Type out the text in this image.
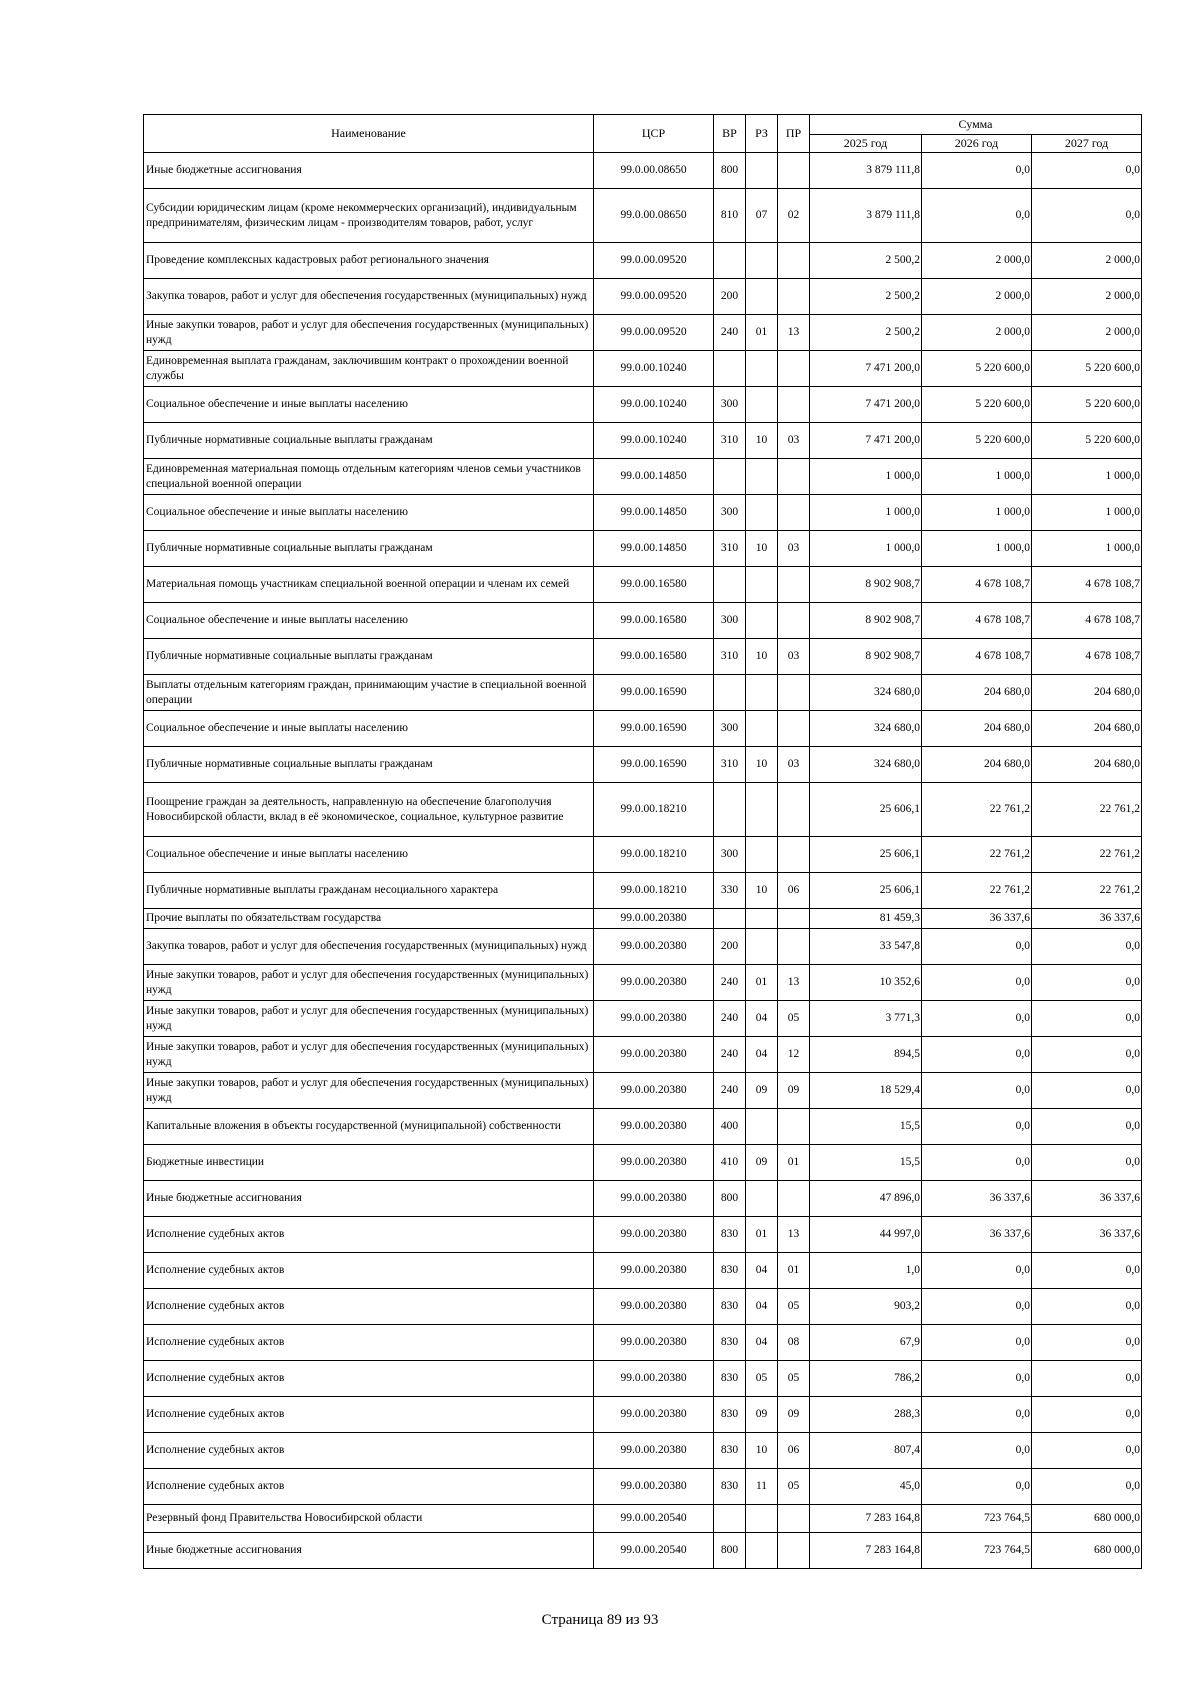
Наименование	ЦСР	ВР	РЗ	ПР	Сумма		
					2025 год	2026 год	2027 год
Иные бюджетные ассигнования	99.0.00.08650	800			3 879 111,8	0,0	0,0
Субсидии юридическим лицам (кроме некоммерческих организаций), индивидуальным предпринимателям, физическим лицам - производителям товаров, работ, услуг	99.0.00.08650	810	07	02	3 879 111,8	0,0	0,0
Проведение комплексных кадастровых работ регионального значения	99.0.00.09520				2 500,2	2 000,0	2 000,0
Закупка товаров, работ и услуг для обеспечения государственных (муниципальных) нужд	99.0.00.09520	200			2 500,2	2 000,0	2 000,0
Иные закупки товаров, работ и услуг для обеспечения государственных (муниципальных) нужд	99.0.00.09520	240	01	13	2 500,2	2 000,0	2 000,0
Единовременная выплата гражданам, заключившим контракт о прохождении военной службы	99.0.00.10240				7 471 200,0	5 220 600,0	5 220 600,0
Социальное обеспечение и иные выплаты населению	99.0.00.10240	300			7 471 200,0	5 220 600,0	5 220 600,0
Публичные нормативные социальные выплаты гражданам	99.0.00.10240	310	10	03	7 471 200,0	5 220 600,0	5 220 600,0
Единовременная материальная помощь отдельным категориям членов семьи участников специальной военной операции	99.0.00.14850				1 000,0	1 000,0	1 000,0
Социальное обеспечение и иные выплаты населению	99.0.00.14850	300			1 000,0	1 000,0	1 000,0
Публичные нормативные социальные выплаты гражданам	99.0.00.14850	310	10	03	1 000,0	1 000,0	1 000,0
Материальная помощь участникам специальной военной операции и членам их семей	99.0.00.16580				8 902 908,7	4 678 108,7	4 678 108,7
Социальное обеспечение и иные выплаты населению	99.0.00.16580	300			8 902 908,7	4 678 108,7	4 678 108,7
Публичные нормативные социальные выплаты гражданам	99.0.00.16580	310	10	03	8 902 908,7	4 678 108,7	4 678 108,7
Выплаты отдельным категориям граждан, принимающим участие в специальной военной операции	99.0.00.16590				324 680,0	204 680,0	204 680,0
Социальное обеспечение и иные выплаты населению	99.0.00.16590	300			324 680,0	204 680,0	204 680,0
Публичные нормативные социальные выплаты гражданам	99.0.00.16590	310	10	03	324 680,0	204 680,0	204 680,0
Поощрение граждан за деятельность, направленную на обеспечение благополучия Новосибирской области, вклад в её экономическое, социальное, культурное развитие	99.0.00.18210				25 606,1	22 761,2	22 761,2
Социальное обеспечение и иные выплаты населению	99.0.00.18210	300			25 606,1	22 761,2	22 761,2
Публичные нормативные выплаты гражданам несоциального характера	99.0.00.18210	330	10	06	25 606,1	22 761,2	22 761,2
Прочие выплаты по обязательствам государства	99.0.00.20380				81 459,3	36 337,6	36 337,6
Закупка товаров, работ и услуг для обеспечения государственных (муниципальных) нужд	99.0.00.20380	200			33 547,8	0,0	0,0
Иные закупки товаров, работ и услуг для обеспечения государственных (муниципальных) нужд	99.0.00.20380	240	01	13	10 352,6	0,0	0,0
Иные закупки товаров, работ и услуг для обеспечения государственных (муниципальных) нужд	99.0.00.20380	240	04	05	3 771,3	0,0	0,0
Иные закупки товаров, работ и услуг для обеспечения государственных (муниципальных) нужд	99.0.00.20380	240	04	12	894,5	0,0	0,0
Иные закупки товаров, работ и услуг для обеспечения государственных (муниципальных) нужд	99.0.00.20380	240	09	09	18 529,4	0,0	0,0
Капитальные вложения в объекты государственной (муниципальной) собственности	99.0.00.20380	400			15,5	0,0	0,0
Бюджетные инвестиции	99.0.00.20380	410	09	01	15,5	0,0	0,0
Иные бюджетные ассигнования	99.0.00.20380	800			47 896,0	36 337,6	36 337,6
Исполнение судебных актов	99.0.00.20380	830	01	13	44 997,0	36 337,6	36 337,6
Исполнение судебных актов	99.0.00.20380	830	04	01	1,0	0,0	0,0
Исполнение судебных актов	99.0.00.20380	830	04	05	903,2	0,0	0,0
Исполнение судебных актов	99.0.00.20380	830	04	08	67,9	0,0	0,0
Исполнение судебных актов	99.0.00.20380	830	05	05	786,2	0,0	0,0
Исполнение судебных актов	99.0.00.20380	830	09	09	288,3	0,0	0,0
Исполнение судебных актов	99.0.00.20380	830	10	06	807,4	0,0	0,0
Исполнение судебных актов	99.0.00.20380	830	11	05	45,0	0,0	0,0
Резервный фонд Правительства Новосибирской области	99.0.00.20540				7 283 164,8	723 764,5	680 000,0
Иные бюджетные ассигнования	99.0.00.20540	800			7 283 164,8	723 764,5	680 000,0
Страница 89 из 93
